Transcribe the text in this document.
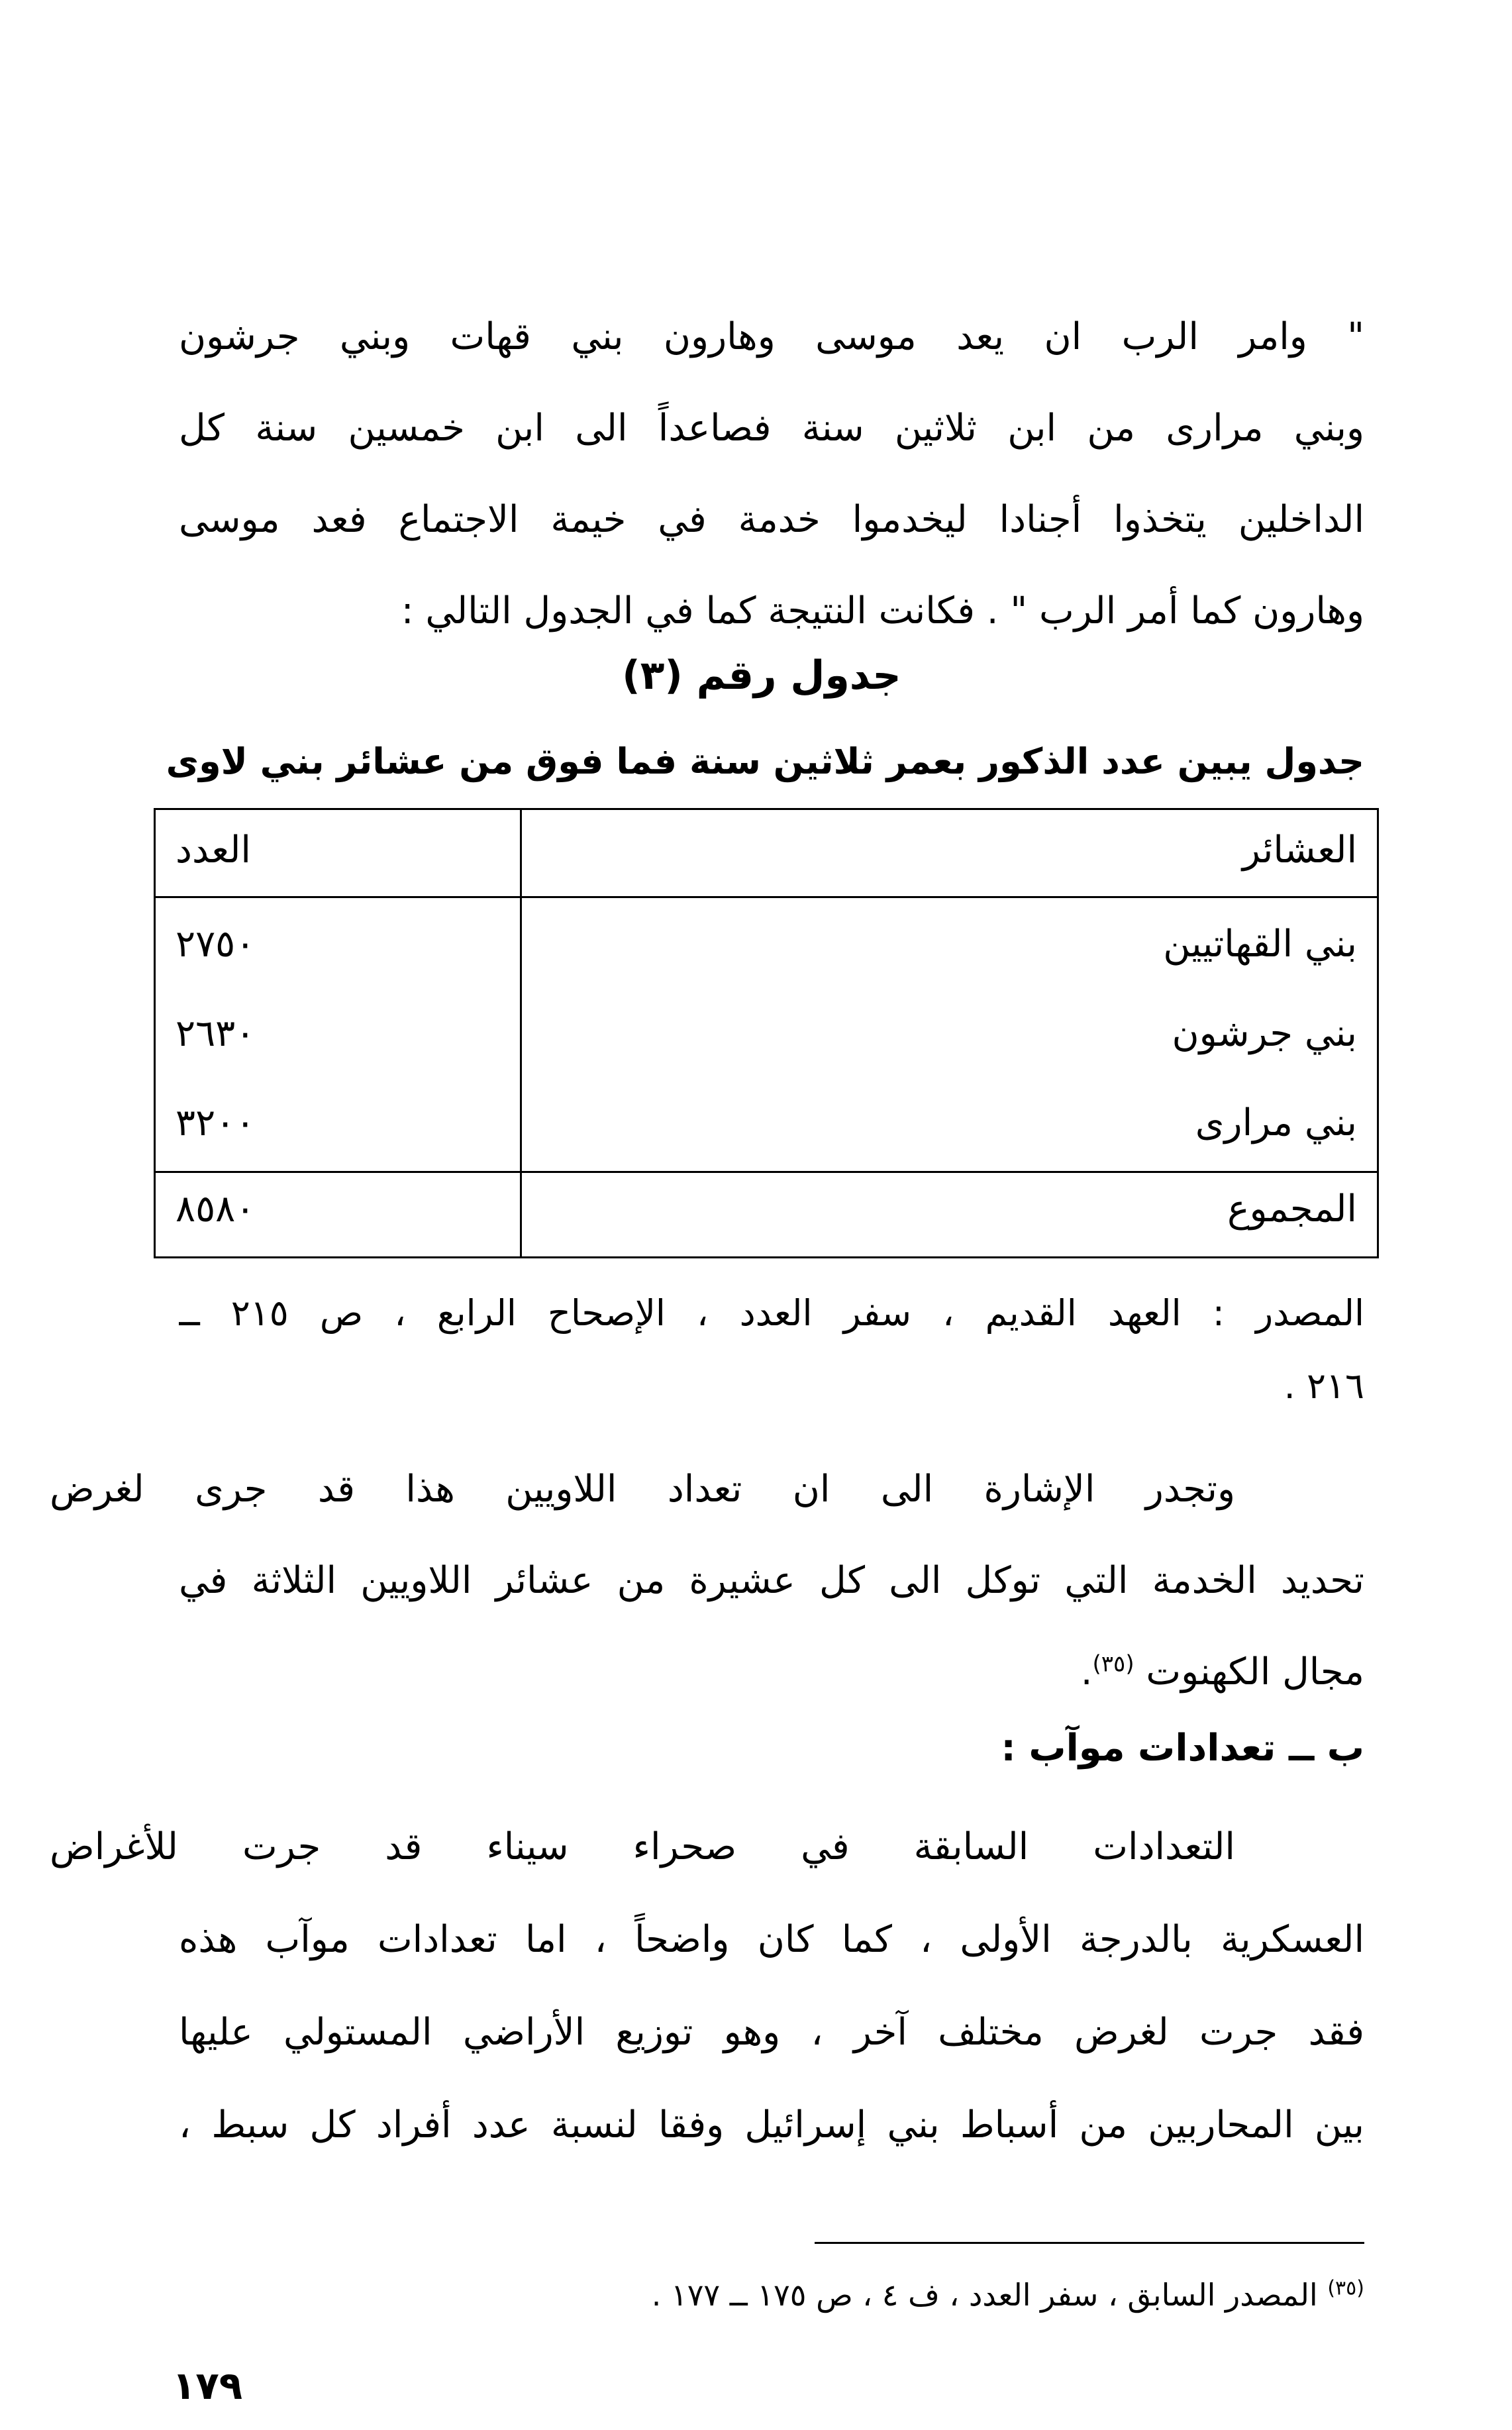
" وامر الرب ان يعد موسى وهارون بني قهات وبني جرشون
وبني مرارى من ابن ثلاثين سنة فصاعداً الى ابن خمسين سنة كل
الداخلين يتخذوا أجنادا ليخدموا خدمة في خيمة الاجتماع فعد موسى
وهارون كما أمر الرب " . فكانت النتيجة كما في الجدول التالي :
جدول رقم (٣)
جدول يبين عدد الذكور بعمر ثلاثين سنة فما فوق من عشائر بني لاوى
العشائر
العدد
بني القهاتيين
٢٧٥٠
بني جرشون
٢٦٣٠
بني مرارى
٣٢٠٠
المجموع
٨٥٨٠
المصدر : العهد القديم ، سفر العدد ، الإصحاح الرابع ، ص ٢١٥ ــ
٢١٦ .
وتجدر الإشارة الى ان تعداد اللاويين هذا قد جرى لغرض
تحديد الخدمة التي توكل الى كل عشيرة من عشائر اللاويين الثلاثة في
مجال الكهنوت $^{(٣٥)}$.
ب ــ تعدادات موآب :
التعدادات السابقة في صحراء سيناء قد جرت للأغراض
العسكرية بالدرجة الأولى ، كما كان واضحاً ، اما تعدادات موآب هذه
فقد جرت لغرض مختلف آخر ، وهو توزيع الأراضي المستولي عليها
بين المحاربين من أسباط بني إسرائيل وفقا لنسبة عدد أفراد كل سبط ،
$^{(٣٥)}$ المصدر السابق ، سفر العدد ، ف ٤ ، ص ١٧٥ ــ ١٧٧ .
١٧٩
